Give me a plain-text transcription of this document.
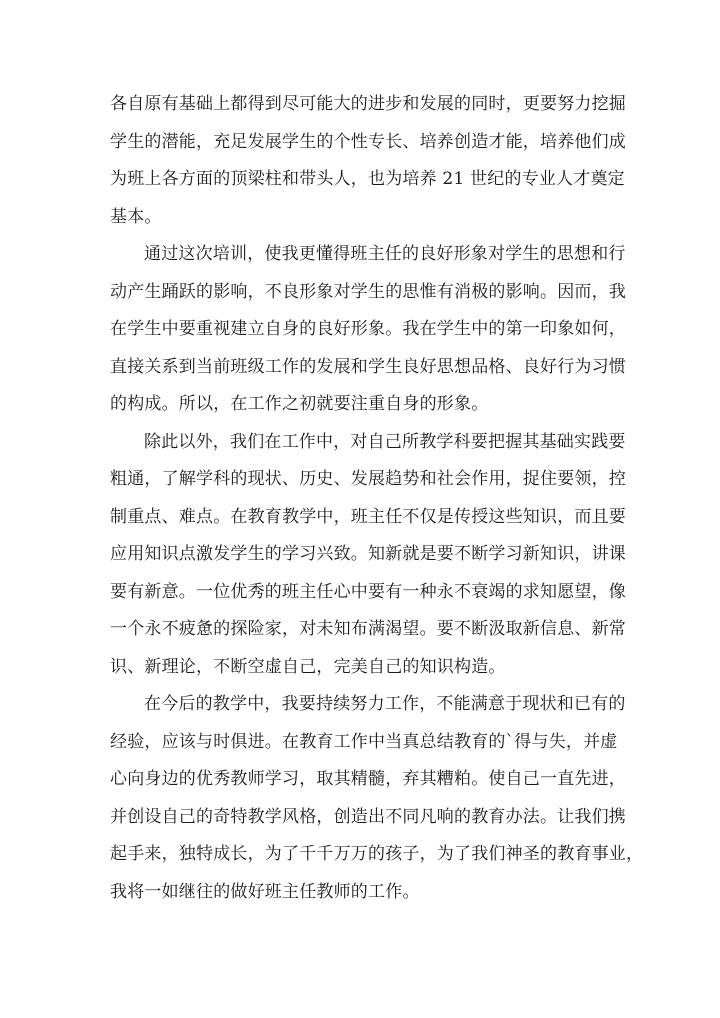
各自原有基础上都得到尽可能大的进步和发展的同时，更要努力挖掘
学生的潜能，充足发展学生的个性专长、培养创造才能，培养他们成
为班上各方面的顶梁柱和带头人，也为培养 21 世纪的专业人才奠定
基本。
通过这次培训，使我更懂得班主任的良好形象对学生的思想和行
动产生踊跃的影响，不良形象对学生的思惟有消极的影响。因而，我
在学生中要重视建立自身的良好形象。我在学生中的第一印象如何，
直接关系到当前班级工作的发展和学生良好思想品格、良好行为习惯
的构成。所以，在工作之初就要注重自身的形象。
除此以外，我们在工作中，对自己所教学科要把握其基础实践要
粗通，了解学科的现状、历史、发展趋势和社会作用，捉住要领，控
制重点、难点。在教育教学中，班主任不仅是传授这些知识，而且要
应用知识点激发学生的学习兴致。知新就是要不断学习新知识，讲课
要有新意。一位优秀的班主任心中要有一种永不衰竭的求知愿望，像
一个永不疲惫的探险家，对未知布满渴望。要不断汲取新信息、新常
识、新理论，不断空虚自己，完美自己的知识构造。
在今后的教学中，我要持续努力工作，不能满意于现状和已有的
经验，应该与时俱进。在教育工作中当真总结教育的`得与失，并虚
心向身边的优秀教师学习，取其精髓，弃其糟粕。使自己一直先进，
并创设自己的奇特教学风格，创造出不同凡响的教育办法。让我们携
起手来，独特成长，为了千千万万的孩子，为了我们神圣的教育事业，
我将一如继往的做好班主任教师的工作。
